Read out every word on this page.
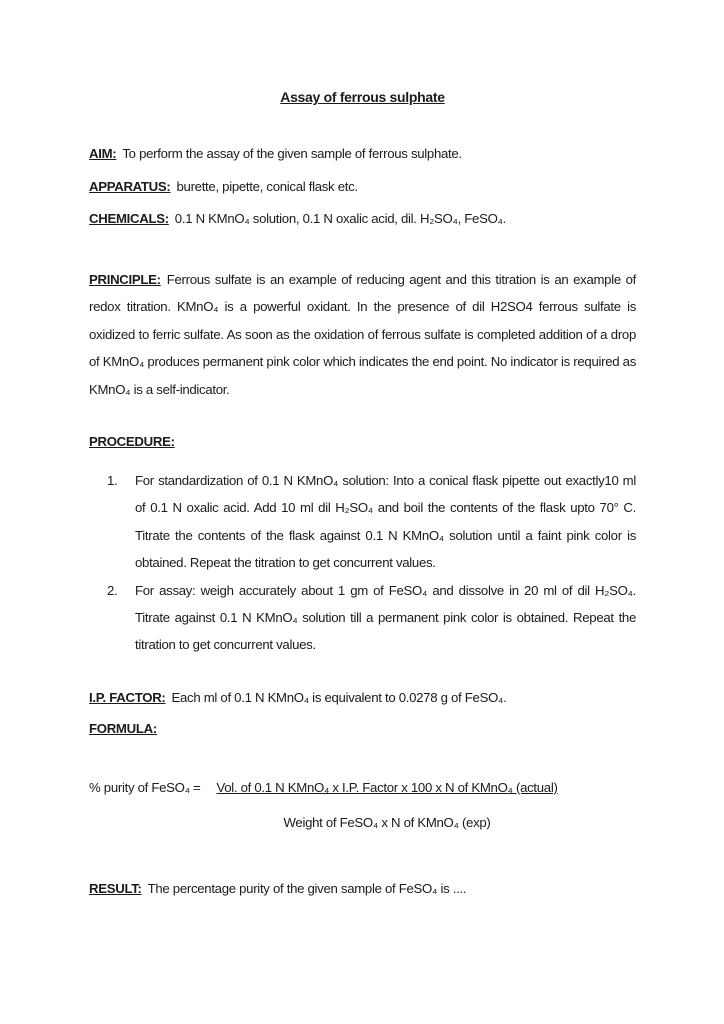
Assay of ferrous sulphate
AIM: To perform the assay of the given sample of ferrous sulphate.
APPARATUS: burette, pipette, conical flask etc.
CHEMICALS: 0.1 N KMnO₄ solution, 0.1 N oxalic acid, dil. H₂SO₄, FeSO₄.
PRINCIPLE: Ferrous sulfate is an example of reducing agent and this titration is an example of redox titration. KMnO₄ is a powerful oxidant. In the presence of dil H2SO4 ferrous sulfate is oxidized to ferric sulfate. As soon as the oxidation of ferrous sulfate is completed addition of a drop of KMnO₄ produces permanent pink color which indicates the end point. No indicator is required as KMnO₄ is a self-indicator.
PROCEDURE:
1.	For standardization of 0.1 N KMnO₄ solution: Into a conical flask pipette out exactly10 ml of 0.1 N oxalic acid. Add 10 ml dil H₂SO₄ and boil the contents of the flask upto 70° C. Titrate the contents of the flask against 0.1 N KMnO₄ solution until a faint pink color is obtained. Repeat the titration to get concurrent values.
2.	For assay: weigh accurately about 1 gm of FeSO₄ and dissolve in 20 ml of dil H₂SO₄. Titrate against 0.1 N KMnO₄ solution till a permanent pink color is obtained. Repeat the titration to get concurrent values.
I.P. FACTOR: Each ml of 0.1 N KMnO₄ is equivalent to 0.0278 g of FeSO₄.
FORMULA:
% purity of FeSO₄ = Vol. of 0.1 N KMnO₄ x I.P. Factor x 100 x N of KMnO₄ (actual)
Weight of FeSO₄ x N of KMnO₄ (exp)
RESULT: The percentage purity of the given sample of FeSO₄ is ....
